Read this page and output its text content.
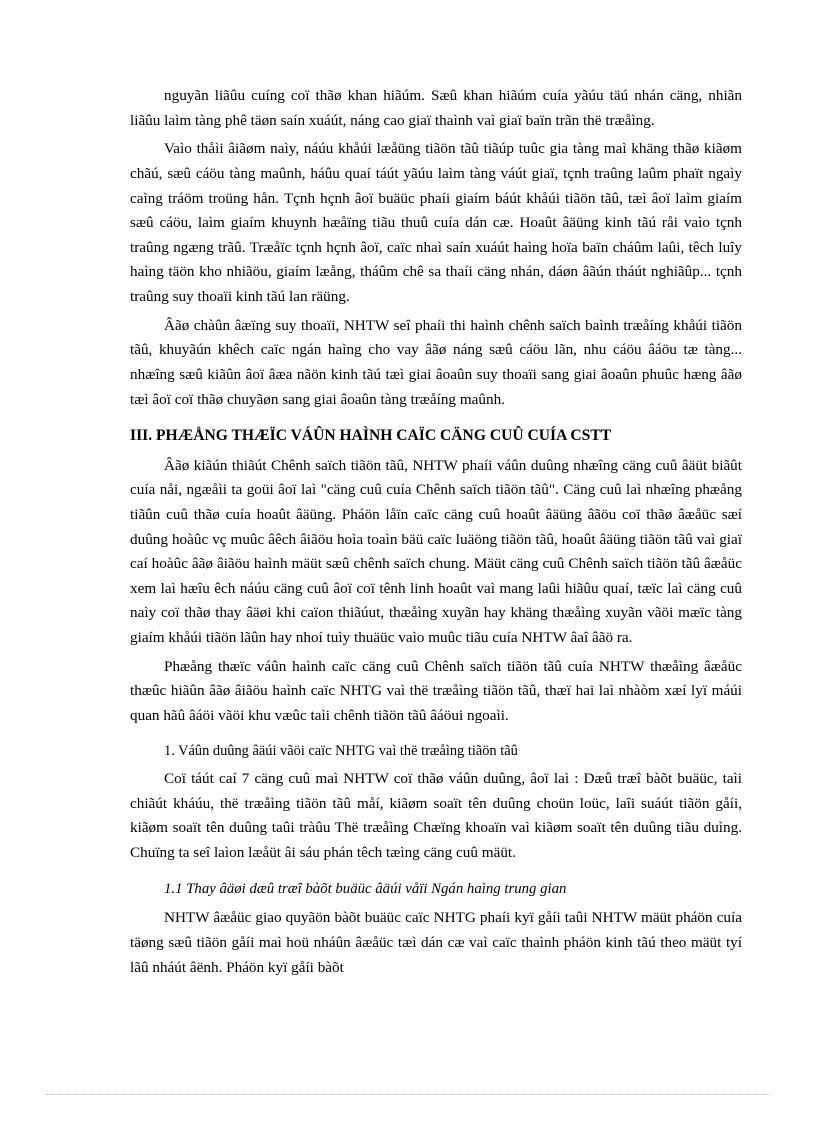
nguyãn liãûu cuíng coï thãø khan hiãúm. Sæû khan hiãúm cuía yãúu täú nhán cäng, nhiãn liãûu laìm tàng phê täøn saín xuáút, náng cao giaï thaình vaì giaï baïn trãn thë træåìng.

Vaìo thåìi âiãøm naìy, náúu khåúi læåüng tiãön tãû tiãúp tuûc gia tàng maì khäng thãø kiãøm chãú, sæû cáöu tàng maûnh, háûu quaí táút yãúu laìm tàng váút giaï, tçnh traûng laûm phaït ngaìy caìng tráöm troüng hån. Tçnh hçnh âoï buäüc phaíi giaím báút khåúi tiãön tãû, tæì âoï laìm giaím sæû cáöu, laìm giaím khuynh hæåïng tiãu thuû cuía dán cæ. Hoaût âäüng kinh tãú råi vaìo tçnh traûng ngæng trãû. Træåïc tçnh hçnh âoï, caïc nhaì saín xuáút haìng hoïa baïn cháûm laûi, têch luîy haìng täön kho nhiãöu, giaím læång, tháûm chê sa thaíi cäng nhán, dáøn âãún tháút nghiãûp... tçnh traûng suy thoaïi kinh tãú lan räüng.

Âãø chàûn âæïng suy thoaïi, NHTW seî phaíi thi haình chênh saïch baình træåíng khåúi tiãön tãû, khuyãún khêch caïc ngán haìng cho vay âãø náng sæû cáöu lãn, nhu cáöu âáöu tæ tàng... nhæîng sæû kiãûn âoï âæa nãön kinh tãú tæì giai âoaûn suy thoaïi sang giai âoaûn phuûc hæng âãø tæì âoï coï thãø chuyãøn sang giai âoaûn tàng træåíng maûnh.

III. PHÆÅNG THÆÏC VÁÛN HAÌNH CAÏC CÄNG CUÛ CUÍA CSTT

Âãø kiãún thiãút Chênh saïch tiãön tãû, NHTW phaíi váûn duûng nhæîng cäng cuû âäüt biãût cuía nåi, ngæåìi ta goüi âoï laì "cäng cuû cuía Chênh saïch tiãön tãû". Cäng cuû laì nhæîng phæång tiãûn cuû thãø cuía hoaût âäüng. Pháön låïn caïc cäng cuû hoaût âäüng âãöu coï thãø âæåüc sæí duûng hoàûc vç muûc âêch âiãöu hoìa toaìn bäü caïc luäöng tiãön tãû, hoaût âäüng tiãön tãû vaì giaï caí hoàûc âãø âiãöu haình mäüt sæû chênh saïch chung. Mäüt cäng cuû Chênh saïch tiãön tãû âæåüc xem laì hæîu êch náúu cäng cuû âoï coï tênh linh hoaût vaì mang laûi hiãûu quaí, tæïc laì cäng cuû naìy coï thãø thay âäøi khi caïon thiãúut, thæåìng xuyãn hay khäng thæåìng xuyãn vãöi mæïc tàng giaím khåúi tiãön lãûn hay nhoí tuìy thuäüc vaìo muûc tiãu cuía NHTW âaî âãö ra.

Phæång thæïc váûn haình caïc cäng cuû Chênh saïch tiãön tãû cuía NHTW thæåìng âæåüc thæûc hiãûn âãø âiãöu haình caïc NHTG vaì thë træåìng tiãön tãû, thæï hai laì nhàòm xæí lyï máúi quan hãû âáöi vãöi khu væûc taìi chênh tiãön tãû âáöui ngoaìi.

1. Váûn duûng âäúi vãöi caïc NHTG vaì thë træåìng tiãön tãû

Coï táút caí 7 cäng cuû maì NHTW coï thãø váûn duûng, âoï laì : Dæû træî bàõt buäüc, taìi chiãút kháúu, thë træåìng tiãön tãû måí, kiãøm soaït tên duûng choün loüc, laîi suáút tiãön gåíi, kiãøm soaït tên duûng taûi tràûu Thë træåìng Chæïng khoaïn vaì kiãøm soaït tên duûng tiãu duìng. Chuïng ta seî laìon læåüt âi sáu phán têch tæìng cäng cuû mäüt.

1.1 Thay âäøi dæû træî bàõt buäüc âäúi våïi Ngán haìng trung gian

NHTW âæåüc giao quyãön bàõt buäüc caïc NHTG phaíi kyï gåíi taûi NHTW mäüt pháön cuía täøng sæû tiãön gåíi maì hoü nháûn âæåüc tæì dán cæ vaì caïc thaình pháön kinh tãú theo mäüt tyí lãû nháút âënh. Pháön kyï gåíi bàõt
